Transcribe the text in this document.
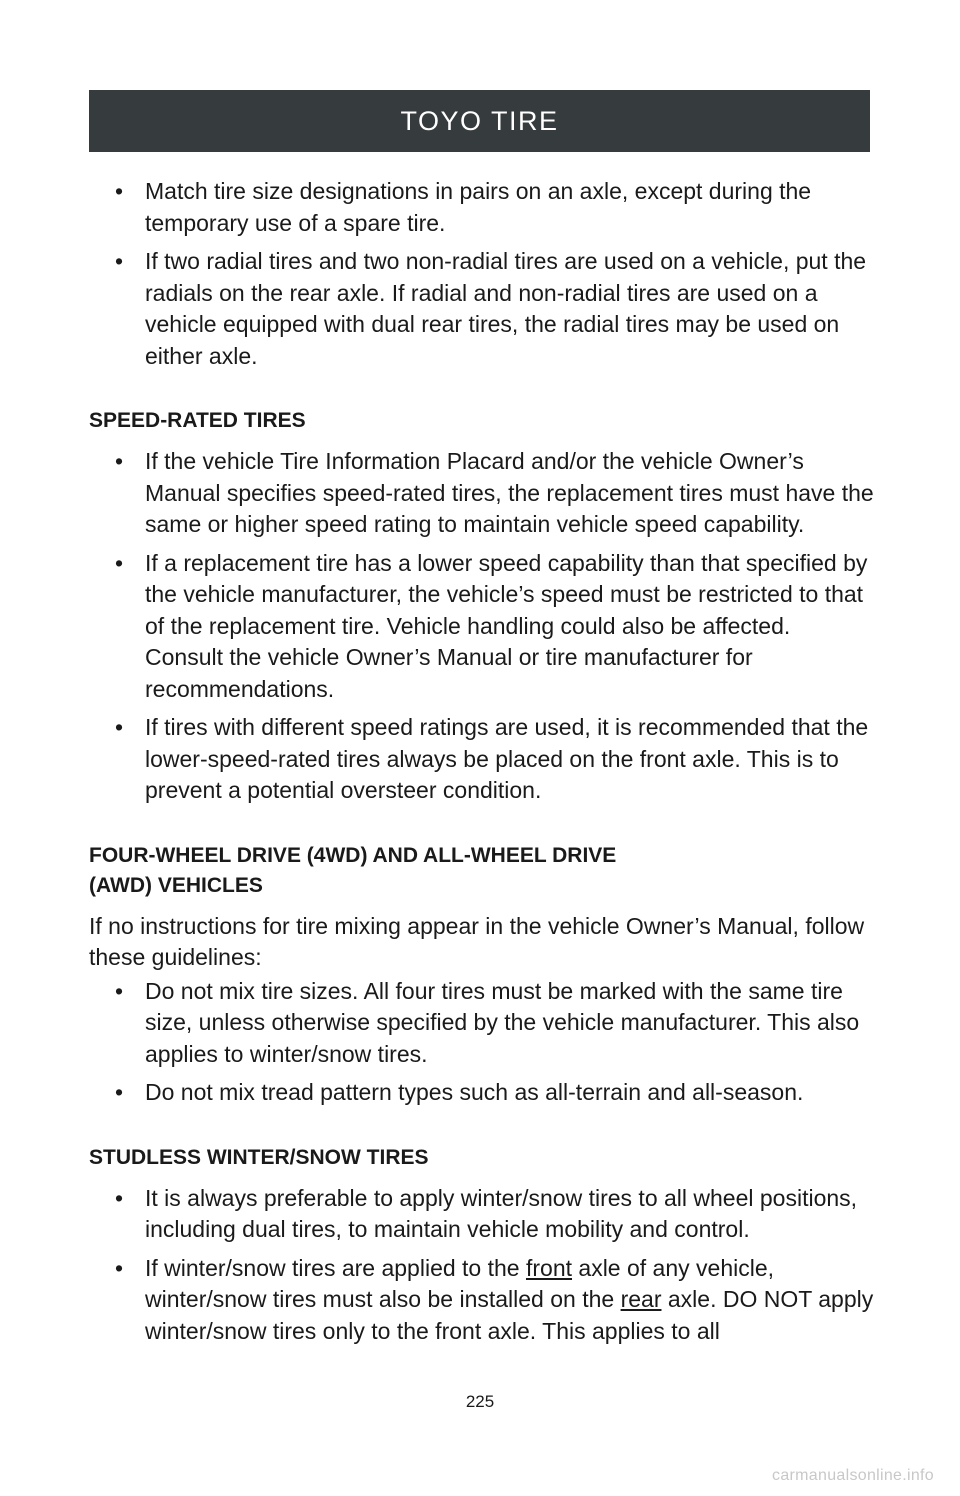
TOYO TIRE
• Match tire size designations in pairs on an axle, except during the temporary use of a spare tire.
• If two radial tires and two non-radial tires are used on a vehicle, put the radials on the rear axle. If radial and non-radial tires are used on a vehicle equipped with dual rear tires, the radial tires may be used on either axle.
SPEED-RATED TIRES
• If the vehicle Tire Information Placard and/or the vehicle Owner’s Manual specifies speed-rated tires, the replacement tires must have the same or higher speed rating to maintain vehicle speed capability.
• If a replacement tire has a lower speed capability than that specified by the vehicle manufacturer, the vehicle’s speed must be restricted to that of the replacement tire. Vehicle handling could also be affected. Consult the vehicle Owner’s Manual or tire manufacturer for recommendations.
• If tires with different speed ratings are used, it is recommended that the lower-speed-rated tires always be placed on the front axle. This is to prevent a potential oversteer condition.
FOUR-WHEEL DRIVE (4WD) AND ALL-WHEEL DRIVE
(AWD) VEHICLES
If no instructions for tire mixing appear in the vehicle Owner’s Manual, follow these guidelines:
• Do not mix tire sizes. All four tires must be marked with the same tire size, unless otherwise specified by the vehicle manufacturer. This also applies to winter/snow tires.
• Do not mix tread pattern types such as all-terrain and all-season.
STUDLESS WINTER/SNOW TIRES
• It is always preferable to apply winter/snow tires to all wheel positions, including dual tires, to maintain vehicle mobility and control.
• If winter/snow tires are applied to the front axle of any vehicle, winter/snow tires must also be installed on the rear axle. DO NOT apply winter/snow tires only to the front axle. This applies to all
225
carmanualsonline.info
